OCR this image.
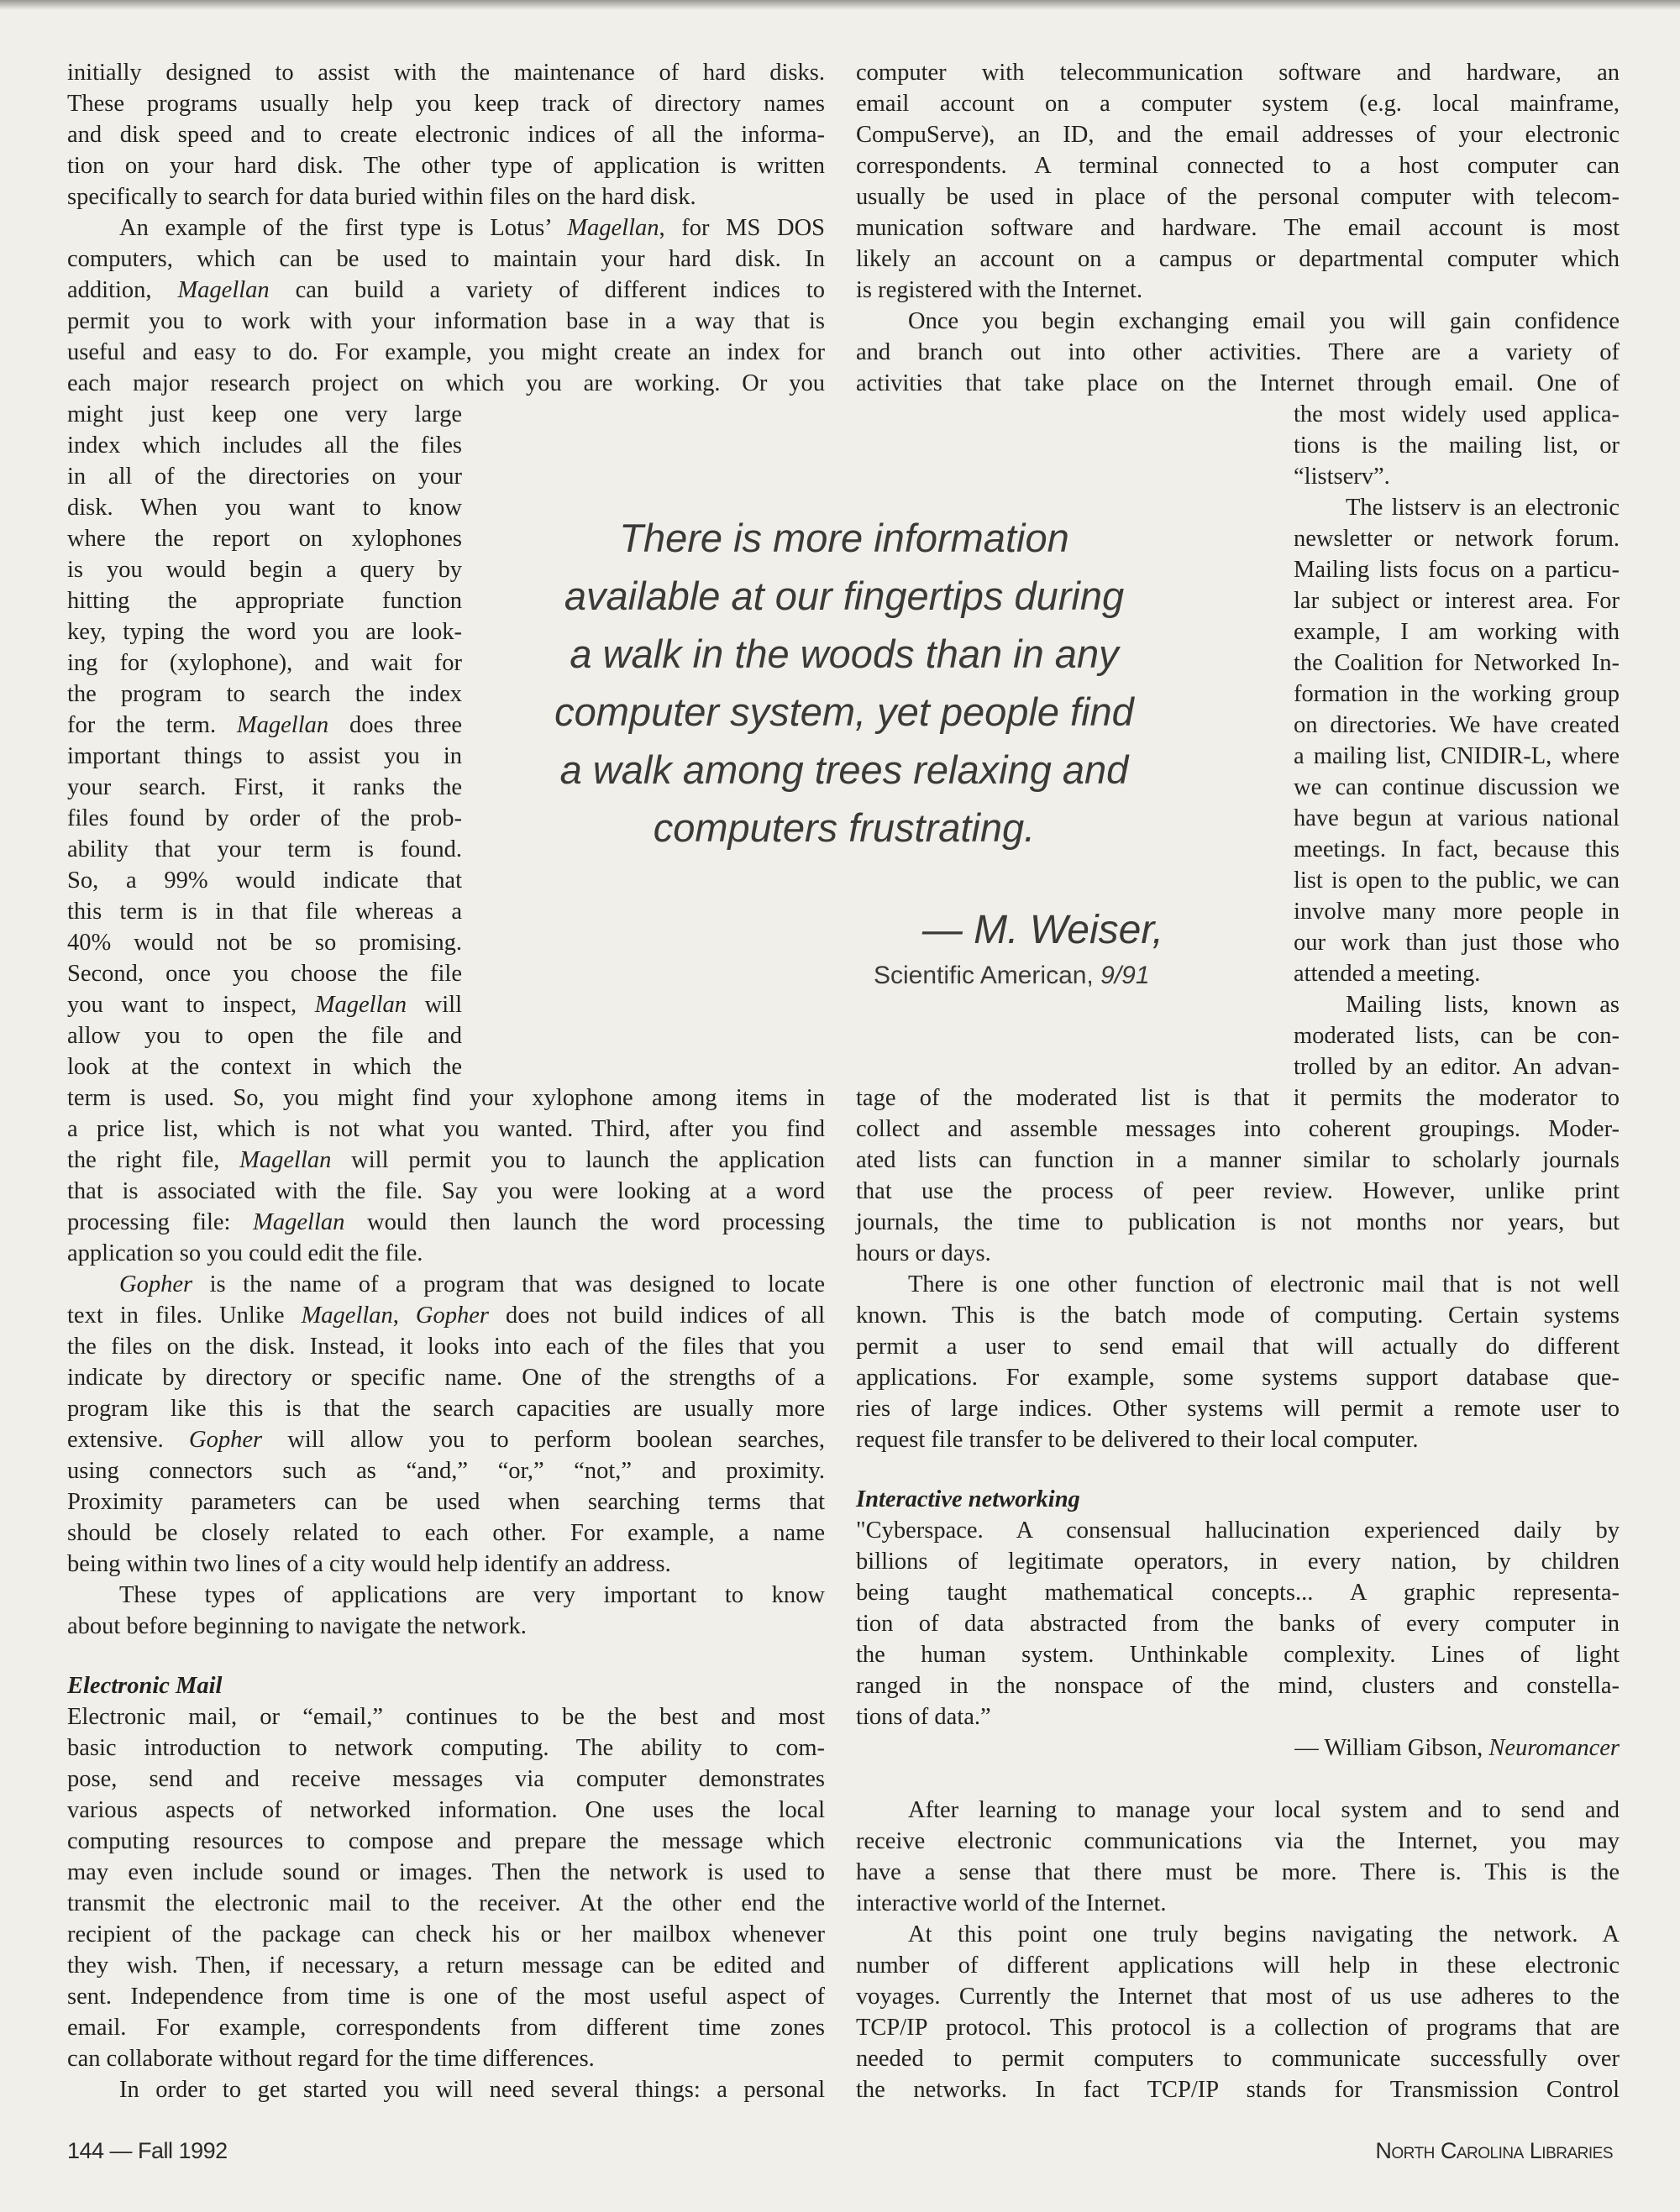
initially designed to assist with the maintenance of hard disks.
These programs usually help you keep track of directory names
and disk speed and to create electronic indices of all the informa-
tion on your hard disk. The other type of application is written
specifically to search for data buried within files on the hard disk.
An example of the first type is Lotus’ Magellan, for MS DOS
computers, which can be used to maintain your hard disk. In
addition, Magellan can build a variety of different indices to
permit you to work with your information base in a way that is
useful and easy to do. For example, you might create an index for
each major research project on which you are working. Or you
might just keep one very large
index which includes all the files
in all of the directories on your
disk. When you want to know
where the report on xylophones
is you would begin a query by
hitting the appropriate function
key, typing the word you are look-
ing for (xylophone), and wait for
the program to search the index
for the term. Magellan does three
important things to assist you in
your search. First, it ranks the
files found by order of the prob-
ability that your term is found.
So, a 99% would indicate that
this term is in that file whereas a
40% would not be so promising.
Second, once you choose the file
you want to inspect, Magellan will
allow you to open the file and
look at the context in which the
term is used. So, you might find your xylophone among items in
a price list, which is not what you wanted. Third, after you find
the right file, Magellan will permit you to launch the application
that is associated with the file. Say you were looking at a word
processing file: Magellan would then launch the word processing
application so you could edit the file.
Gopher is the name of a program that was designed to locate
text in files. Unlike Magellan, Gopher does not build indices of all
the files on the disk. Instead, it looks into each of the files that you
indicate by directory or specific name. One of the strengths of a
program like this is that the search capacities are usually more
extensive. Gopher will allow you to perform boolean searches,
using connectors such as “and,” “or,” “not,” and proximity.
Proximity parameters can be used when searching terms that
should be closely related to each other. For example, a name
being within two lines of a city would help identify an address.
These types of applications are very important to know
about before beginning to navigate the network.
Electronic Mail
Electronic mail, or “email,” continues to be the best and most
basic introduction to network computing. The ability to com-
pose, send and receive messages via computer demonstrates
various aspects of networked information. One uses the local
computing resources to compose and prepare the message which
may even include sound or images. Then the network is used to
transmit the electronic mail to the receiver. At the other end the
recipient of the package can check his or her mailbox whenever
they wish. Then, if necessary, a return message can be edited and
sent. Independence from time is one of the most useful aspect of
email. For example, correspondents from different time zones
can collaborate without regard for the time differences.
In order to get started you will need several things: a personal
computer with telecommunication software and hardware, an
email account on a computer system (e.g. local mainframe,
CompuServe), an ID, and the email addresses of your electronic
correspondents. A terminal connected to a host computer can
usually be used in place of the personal computer with telecom-
munication software and hardware. The email account is most
likely an account on a campus or departmental computer which
is registered with the Internet.
Once you begin exchanging email you will gain confidence
and branch out into other activities. There are a variety of
activities that take place on the Internet through email. One of
the most widely used applica-
tions is the mailing list, or
“listserv”.
The listserv is an electronic
newsletter or network forum.
Mailing lists focus on a particu-
lar subject or interest area. For
example, I am working with
the Coalition for Networked In-
formation in the working group
on directories. We have created
a mailing list, CNIDIR-L, where
we can continue discussion we
have begun at various national
meetings. In fact, because this
list is open to the public, we can
involve many more people in
our work than just those who
attended a meeting.
Mailing lists, known as
moderated lists, can be con-
trolled by an editor. An advan-
tage of the moderated list is that it permits the moderator to
collect and assemble messages into coherent groupings. Moder-
ated lists can function in a manner similar to scholarly journals
that use the process of peer review. However, unlike print
journals, the time to publication is not months nor years, but
hours or days.
There is one other function of electronic mail that is not well
known. This is the batch mode of computing. Certain systems
permit a user to send email that will actually do different
applications. For example, some systems support database que-
ries of large indices. Other systems will permit a remote user to
request file transfer to be delivered to their local computer.
Interactive networking
"Cyberspace. A consensual hallucination experienced daily by
billions of legitimate operators, in every nation, by children
being taught mathematical concepts... A graphic representa-
tion of data abstracted from the banks of every computer in
the human system. Unthinkable complexity. Lines of light
ranged in the nonspace of the mind, clusters and constella-
tions of data.”
— William Gibson, Neuromancer
After learning to manage your local system and to send and
receive electronic communications via the Internet, you may
have a sense that there must be more. There is. This is the
interactive world of the Internet.
At this point one truly begins navigating the network. A
number of different applications will help in these electronic
voyages. Currently the Internet that most of us use adheres to the
TCP/IP protocol. This protocol is a collection of programs that are
needed to permit computers to communicate successfully over
the networks. In fact TCP/IP stands for Transmission Control
There is more information
available at our fingertips during
a walk in the woods than in any
computer system, yet people find
a walk among trees relaxing and
computers frustrating.
— M. Weiser,
Scientific American, 9/91
144 — Fall 1992	North Carolina Libraries
